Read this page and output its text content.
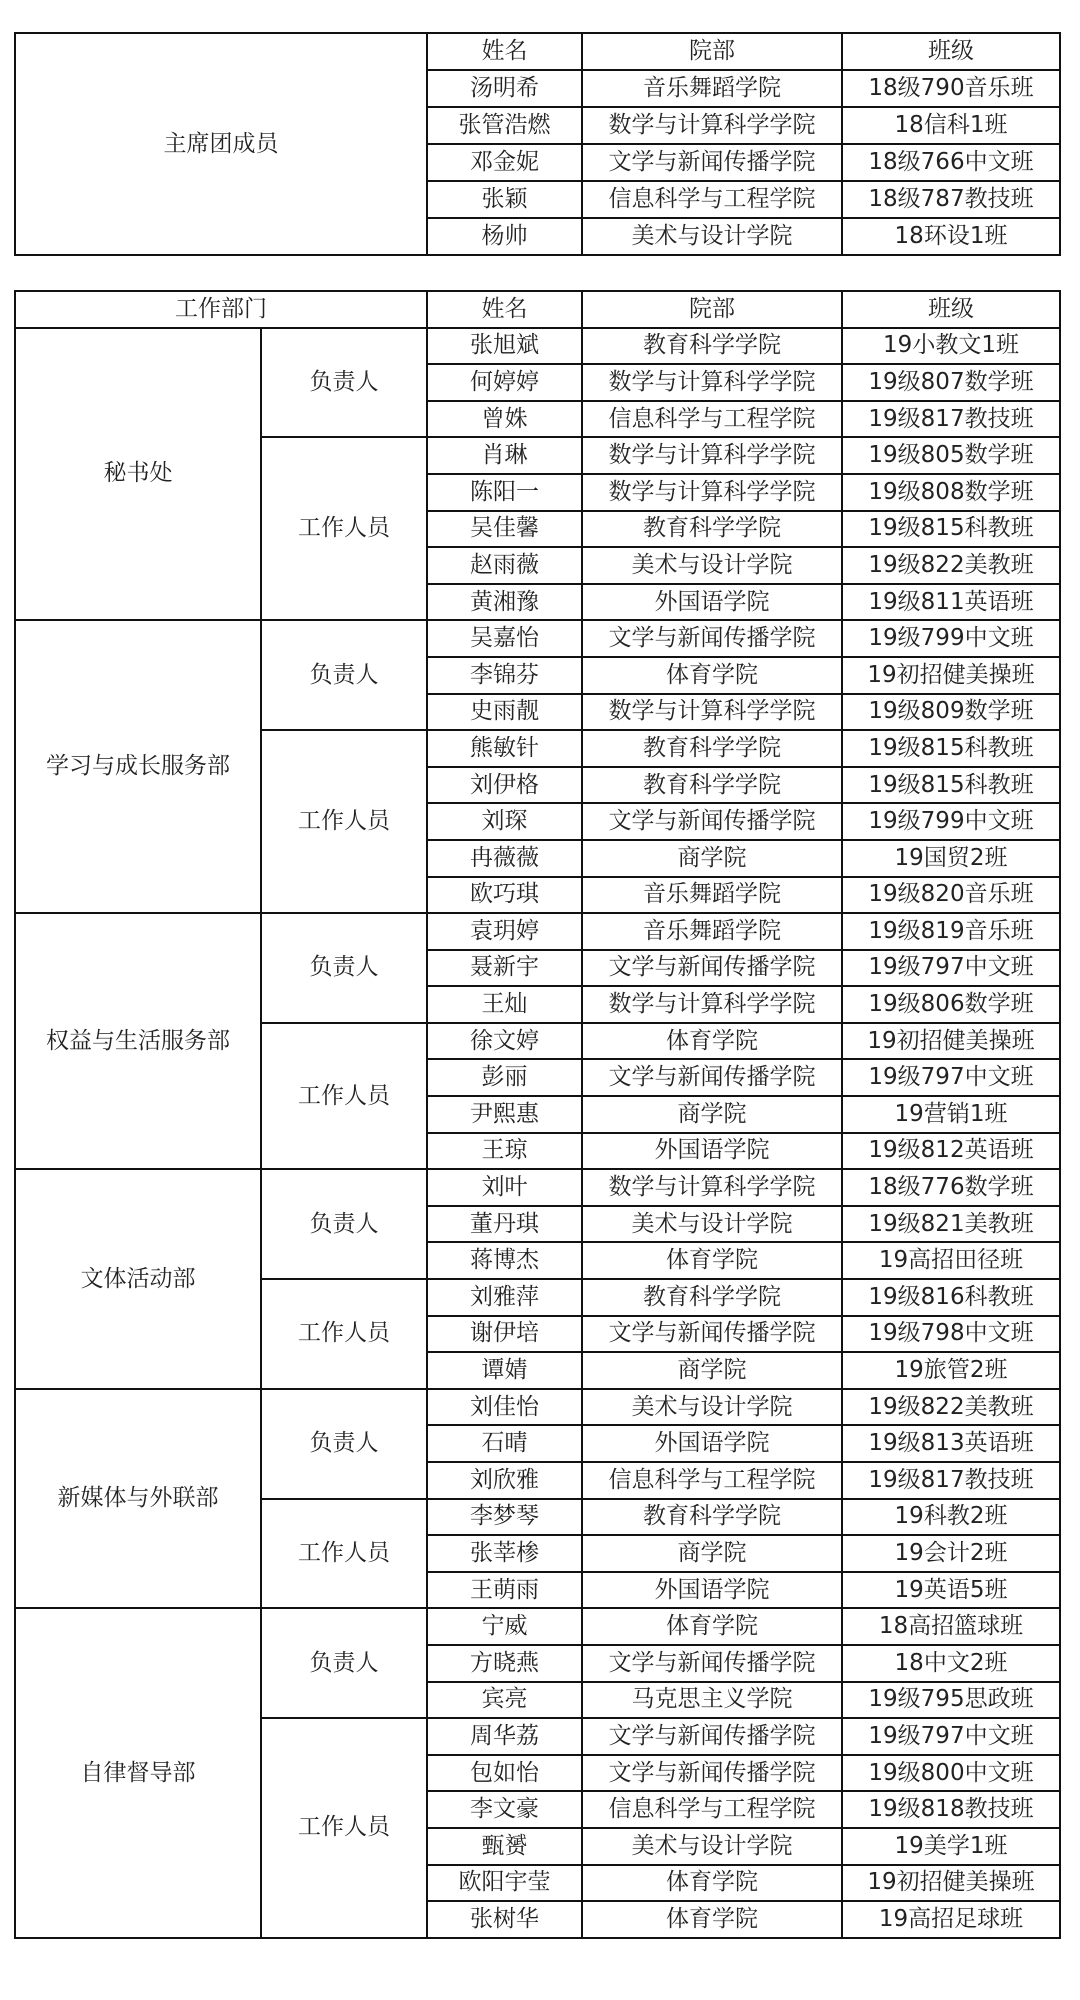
主席团成员	姓名	院部	班级
	汤明希	音乐舞蹈学院	18级790音乐班
	张管浩燃	数学与计算科学学院	18信科1班
	邓金妮	文学与新闻传播学院	18级766中文班
	张颖	信息科学与工程学院	18级787教技班
	杨帅	美术与设计学院	18环设1班
工作部门		姓名	院部	班级
秘书处	负责人	张旭斌	教育科学学院	19小教文1班
		何婷婷	数学与计算科学学院	19级807数学班
		曾姝	信息科学与工程学院	19级817教技班
	工作人员	肖琳	数学与计算科学学院	19级805数学班
		陈阳一	数学与计算科学学院	19级808数学班
		吴佳馨	教育科学学院	19级815科教班
		赵雨薇	美术与设计学院	19级822美教班
		黄湘豫	外国语学院	19级811英语班
学习与成长服务部	负责人	吴嘉怡	文学与新闻传播学院	19级799中文班
		李锦芬	体育学院	19初招健美操班
		史雨靓	数学与计算科学学院	19级809数学班
	工作人员	熊敏针	教育科学学院	19级815科教班
		刘伊格	教育科学学院	19级815科教班
		刘琛	文学与新闻传播学院	19级799中文班
		冉薇薇	商学院	19国贸2班
		欧巧琪	音乐舞蹈学院	19级820音乐班
权益与生活服务部	负责人	袁玥婷	音乐舞蹈学院	19级819音乐班
		聂新宇	文学与新闻传播学院	19级797中文班
		王灿	数学与计算科学学院	19级806数学班
	工作人员	徐文婷	体育学院	19初招健美操班
		彭丽	文学与新闻传播学院	19级797中文班
		尹熙惠	商学院	19营销1班
		王琼	外国语学院	19级812英语班
文体活动部	负责人	刘叶	数学与计算科学学院	18级776数学班
		董丹琪	美术与设计学院	19级821美教班
		蒋博杰	体育学院	19高招田径班
	工作人员	刘雅萍	教育科学学院	19级816科教班
		谢伊培	文学与新闻传播学院	19级798中文班
		谭婧	商学院	19旅管2班
新媒体与外联部	负责人	刘佳怡	美术与设计学院	19级822美教班
		石晴	外国语学院	19级813英语班
		刘欣雅	信息科学与工程学院	19级817教技班
	工作人员	李梦琴	教育科学学院	19科教2班
		张莘椮	商学院	19会计2班
		王萌雨	外国语学院	19英语5班
自律督导部	负责人	宁威	体育学院	18高招篮球班
		方晓燕	文学与新闻传播学院	18中文2班
		宾亮	马克思主义学院	19级795思政班
	工作人员	周华荔	文学与新闻传播学院	19级797中文班
		包如怡	文学与新闻传播学院	19级800中文班
		李文豪	信息科学与工程学院	19级818教技班
		甄赟	美术与设计学院	19美学1班
		欧阳宇莹	体育学院	19初招健美操班
		张树华	体育学院	19高招足球班
